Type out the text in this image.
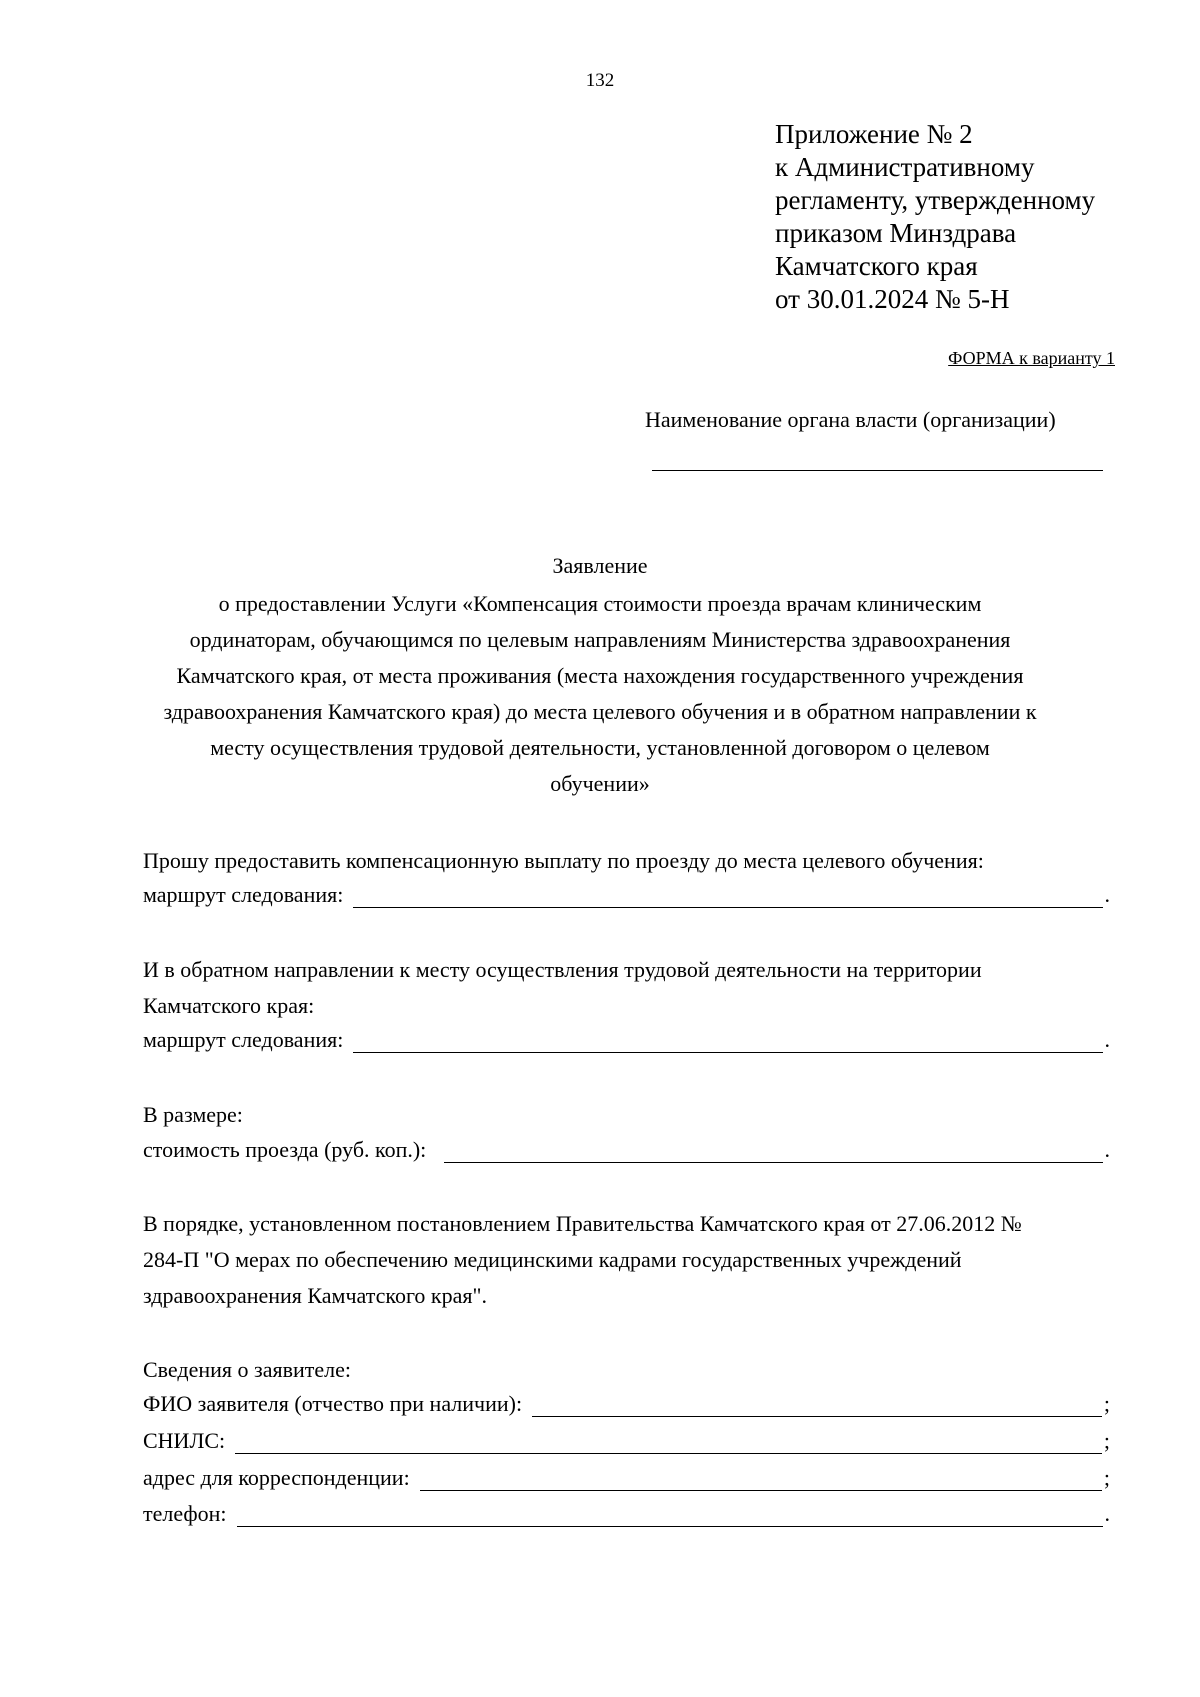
132
Приложение № 2
к Административному
регламенту, утвержденному
приказом Минздрава
Камчатского края
от 30.01.2024 № 5-Н
ФОРМА к варианту 1
Наименование органа власти (организации)
Заявление
о предоставлении Услуги «Компенсация стоимости проезда врачам клиническим
ординаторам, обучающимся по целевым направлениям Министерства здравоохранения
Камчатского края, от места проживания (места нахождения государственного учреждения
здравоохранения Камчатского края) до места целевого обучения и в обратном направлении к
месту осуществления трудовой деятельности, установленной договором о целевом
обучении»
Прошу предоставить компенсационную выплату по проезду до места целевого обучения:
маршрут следования:	.
И в обратном направлении к месту осуществления трудовой деятельности на территории
Камчатского края:
маршрут следования:	.
В размере:
стоимость проезда (руб. коп.):	.
В порядке, установленном постановлением Правительства Камчатского края от 27.06.2012 №
284-П "О мерах по обеспечению медицинскими кадрами государственных учреждений
здравоохранения Камчатского края".
Сведения о заявителе:
ФИО заявителя (отчество при наличии):	;
СНИЛС:	;
адрес для корреспонденции:	;
телефон:	.
